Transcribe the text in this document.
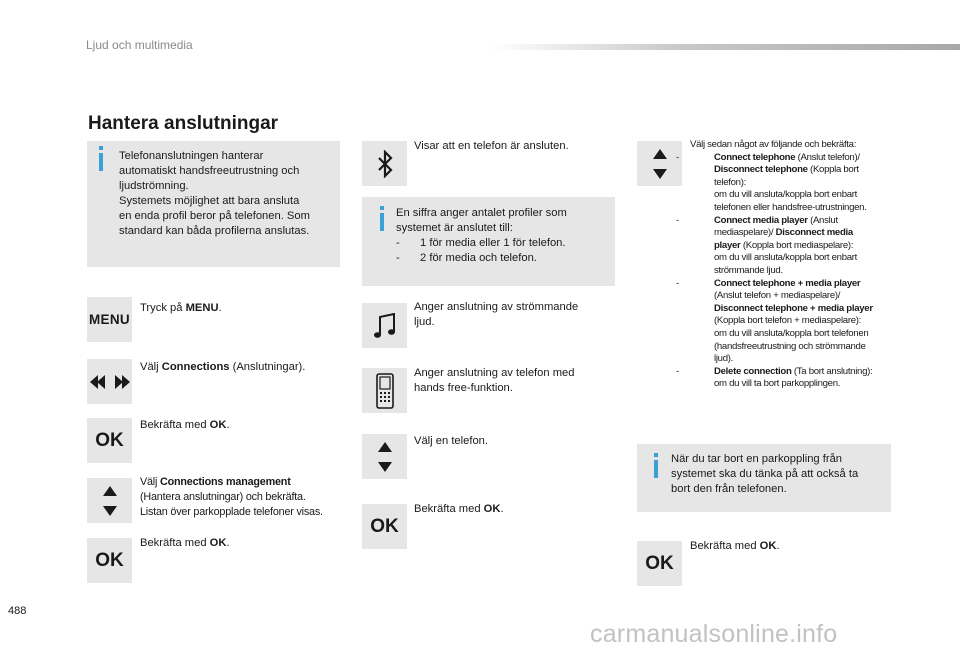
Ljud och multimedia
Hantera anslutningar
Telefonanslutningen hanterar
automatiskt handsfreeutrustning och
ljudströmning.
Systemets möjlighet att bara ansluta
en enda profil beror på telefonen. Som
standard kan båda profilerna anslutas.
MENU
Tryck på MENU.
Välj Connections (Anslutningar).
OK
Bekräfta med OK.
Välj Connections management
(Hantera anslutningar) och bekräfta.
Listan över parkopplade telefoner visas.
OK
Bekräfta med OK.
Visar att en telefon är ansluten.
En siffra anger antalet profiler som
systemet är anslutet till:
- 1 för media eller 1 för telefon.
- 2 för media och telefon.
Anger anslutning av strömmande
ljud.
Anger anslutning av telefon med
hands free-funktion.
Välj en telefon.
OK
Bekräfta med OK.
Välj sedan något av följande och bekräfta:
-	Connect telephone (Anslut telefon)/
Disconnect telephone (Koppla bort
telefon):
om du vill ansluta/koppla bort enbart
telefonen eller handsfree-utrustningen.
-	Connect media player (Anslut
mediaspelare)/ Disconnect media
player (Koppla bort mediaspelare):
om du vill ansluta/koppla bort enbart
strömmande ljud.
-	Connect telephone + media player
(Anslut telefon + mediaspelare)/
Disconnect telephone + media player
(Koppla bort telefon + mediaspelare):
om du vill ansluta/koppla bort telefonen
(handsfreeutrustning och strömmande
ljud).
-	Delete connection (Ta bort anslutning):
om du vill ta bort parkopplingen.
När du tar bort en parkoppling från
systemet ska du tänka på att också ta
bort den från telefonen.
OK
Bekräfta med OK.
488
carmanualsonline.info
